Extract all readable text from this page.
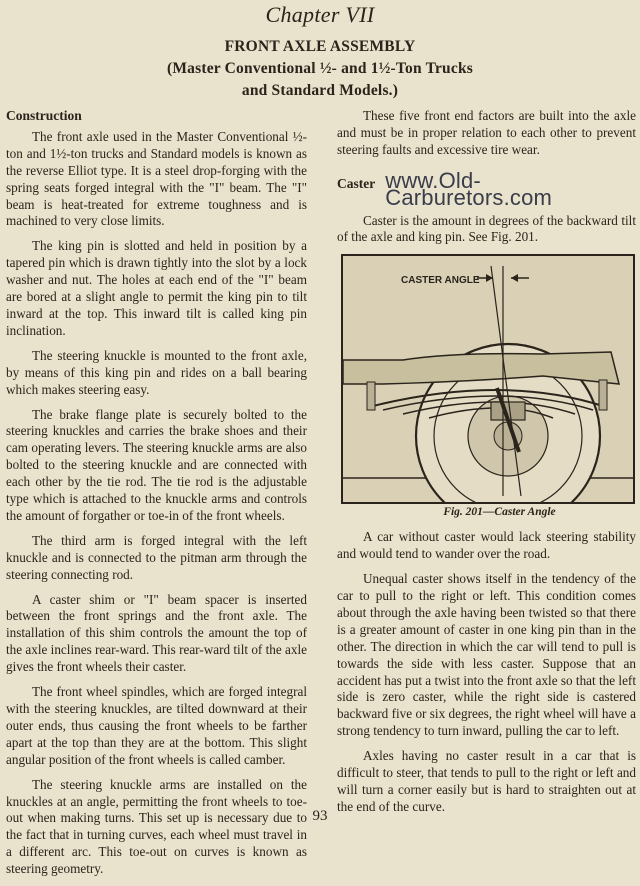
Chapter VII
FRONT AXLE ASSEMBLY
(Master Conventional ½- and 1½-Ton Trucks
and Standard Models.)
Construction

The front axle used in the Master Conventional ½-ton and 1½-ton trucks and Standard models is known as the reverse Elliot type. It is a steel drop-forging with the spring seats forged integral with the "I" beam. The "I" beam is heat-treated for extreme toughness and is machined to very close limits.

The king pin is slotted and held in position by a tapered pin which is drawn tightly into the slot by a lock washer and nut. The holes at each end of the "I" beam are bored at a slight angle to permit the king pin to tilt inward at the top. This inward tilt is called king pin inclination.

The steering knuckle is mounted to the front axle, by means of this king pin and rides on a ball bearing which makes steering easy.

The brake flange plate is securely bolted to the steering knuckles and carries the brake shoes and their cam operating levers. The steering knuckle arms are also bolted to the steering knuckle and are connected with each other by the tie rod. The tie rod is the adjustable type which is attached to the knuckle arms and controls the amount of forgather or toe-in of the front wheels.

The third arm is forged integral with the left knuckle and is connected to the pitman arm through the steering connecting rod.

A caster shim or "I" beam spacer is inserted between the front springs and the front axle. The installation of this shim controls the amount the top of the axle inclines rear-ward. This rear-ward tilt of the axle gives the front wheels their caster.

The front wheel spindles, which are forged integral with the steering knuckles, are tilted downward at their outer ends, thus causing the front wheels to be farther apart at the top than they are at the bottom. This slight angular position of the front wheels is called camber.

The steering knuckle arms are installed on the knuckles at an angle, permitting the front wheels to toe-out when making turns. This set up is necessary due to the fact that in turning curves, each wheel must travel in a different arc. This toe-out on curves is known as steering geometry.

These five front end factors are built into the axle and must be in proper relation to each other to prevent steering faults and excessive tire wear.

Caster www.Old-Carburetors.com

Caster is the amount in degrees of the backward tilt of the axle and king pin. See Fig. 201.

CASTER ANGLE

Fig. 201—Caster Angle

A car without caster would lack steering stability and would tend to wander over the road.

Unequal caster shows itself in the tendency of the car to pull to the right or left. This condition comes about through the axle having been twisted so that there is a greater amount of caster in one king pin than in the other. The direction in which the car will tend to pull is towards the side with less caster. Suppose that an accident has put a twist into the front axle so that the left side is zero caster, while the right side is castered backward five or six degrees, the right wheel will have a strong tendency to turn inward, pulling the car to left.

Axles having no caster result in a car that is difficult to steer, that tends to pull to the right or left and will turn a corner easily but is hard to straighten out at the end of the curve.

93
